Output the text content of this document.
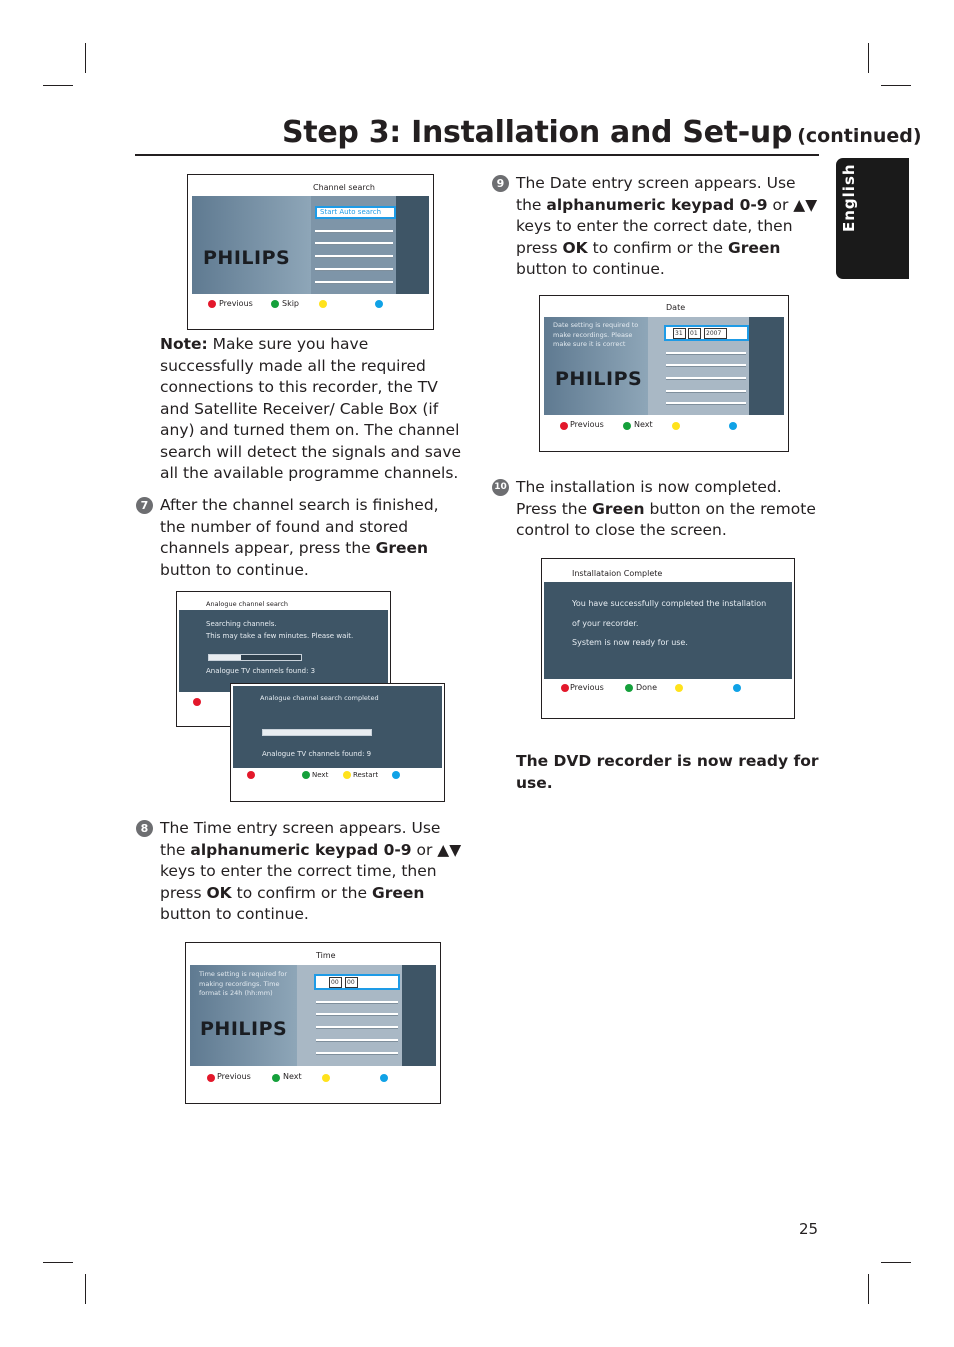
Step 3: Installation and Set-up (continued)
English
Channel search
PHILIPS
Start Auto search
Previous	Skip

Note: Make sure you have successfully made all the required connections to this recorder, the TV and Satellite Receiver/ Cable Box (if any) and turned them on. The channel search will detect the signals and save all the available programme channels.

7 After the channel search is finished, the number of found and stored channels appear, press the Green button to continue.

Analogue channel search
Searching channels.
This may take a few minutes. Please wait.
Analogue TV channels found: 3
Analogue channel search completed
Analogue TV channels found: 9
Next	Restart
8 The Time entry screen appears. Use the alphanumeric keypad 0-9 or ▲▼ keys to enter the correct time, then press OK to confirm or the Green button to continue.

Time
Time setting is required for making recordings. Time format is 24h (hh:mm)
PHILIPS
00	00
Previous	Next
9 The Date entry screen appears. Use the alphanumeric keypad 0-9 or ▲▼ keys to enter the correct date, then press OK to confirm or the Green button to continue.

Date
Date setting is required to make recordings. Please make sure it is correct
PHILIPS
31	01	2007
Previous	Next
10 The installation is now completed. Press the Green button on the remote control to close the screen.

Installataion Complete
You have successfully completed the installation
of your recorder.
System is now ready for use.
Previous	Done
The DVD recorder is now ready for use.
25
